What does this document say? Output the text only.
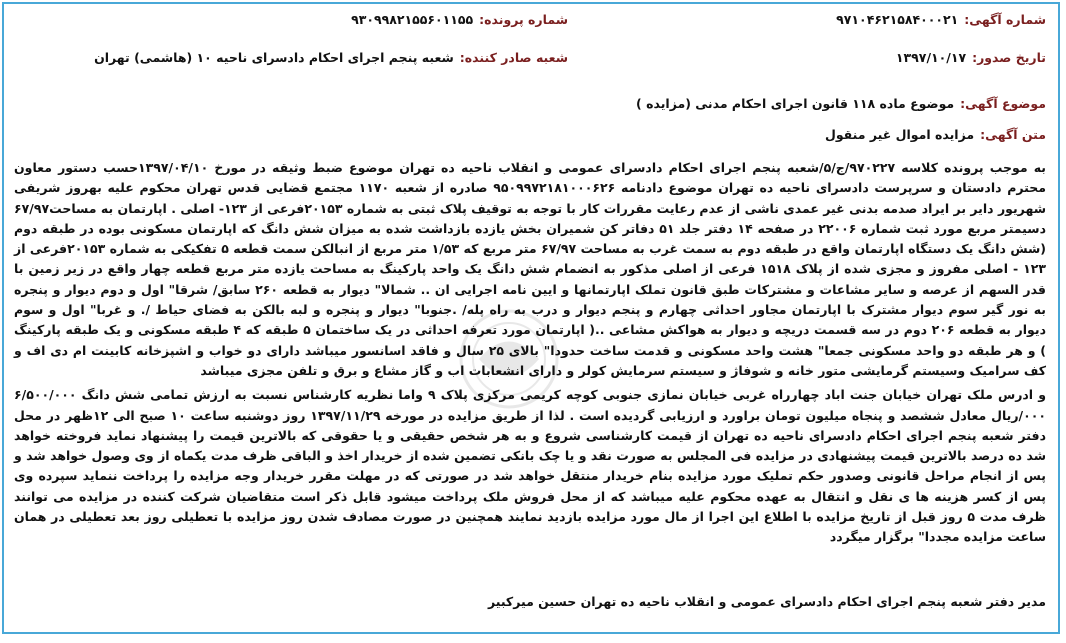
شماره آگهی:
۹۷۱۰۴۶۲۱۵۸۴۰۰۰۲۱
شماره پرونده:
۹۳۰۹۹۸۲۱۵۵۶۰۱۱۵۵
تاریخ صدور:
۱۳۹۷/۱۰/۱۷
شعبه صادر کننده:
شعبه پنجم اجرای احکام دادسرای ناحیه ۱۰ (هاشمی) تهران
موضوع آگهی:
موضوع ماده ۱۱۸ قانون اجرای احکام مدنی (مزایده )
متن آگهی:
مزایده اموال غیر منقول

به موجب پرونده کلاسه ۹۷۰۲۲۷/ج/۵/شعبه پنجم اجرای احکام دادسرای عمومی و انقلاب ناحیه ده تهران موضوع ضبط وثیقه در مورخ ۱۳۹۷/۰۴/۱۰حسب دستور معاون محترم دادستان و سرپرست دادسرای ناحیه ده تهران موضوع دادنامه ۹۵۰۹۹۷۲۱۸۱۰۰۰۶۲۶ صادره از شعبه ۱۱۷۰ مجتمع قضایی قدس تهران محکوم علیه بهروز شریفی شهریور دایر بر ایراد صدمه بدنی غیر عمدی ناشی از عدم رعایت مقررات کار با توجه به توقیف پلاک ثبتی به شماره ۲۰۱۵۳فرعی از ۱۲۳- اصلی . اپارتمان به مساحت۶۷/۹۷ دسیمتر مربع مورد ثبت شماره ۲۲۰۰۶ در صفحه ۱۴ دفتر جلد ۵۱ دفاتر کن شمیران بخش یازده بازداشت شده به میزان شش دانگ که اپارتمان مسکونی بوده در طبقه دوم (شش دانگ یک دستگاه اپارتمان واقع در طبقه دوم به سمت غرب به مساحت ۶۷/۹۷ متر مربع که ۱/۵۳ متر مربع از انبالکن سمت قطعه ۵ تفکیکی به شماره ۲۰۱۵۳فرعی از ۱۲۳ - اصلی مفروز و مجزی شده از پلاک ۱۵۱۸ فرعی از اصلی مذکور به انضمام شش دانگ یک واحد پارکینگ به مساحت یازده متر مربع قطعه چهار واقع در زیر زمین با قدر السهم از عرصه و سایر مشاعات و مشترکات طبق قانون تملک اپارتمانها و ایین نامه اجرایی ان .. شمالا" دیوار به قطعه ۲۶۰ سابق/ شرقا" اول و دوم دیوار و پنجره به نور گیر سوم دیوار مشترک با اپارتمان مجاور احداثی چهارم و پنجم دیوار و درب به راه پله/ .جنوبا" دیوار و پنجره و لبه بالکن به فضای حیاط /. و غربا" اول و سوم دیوار به قطعه ۲۰۶ دوم در سه قسمت دریچه و دیوار به هواکش مشاعی ..( اپارتمان مورد تعرفه احداثی در یک ساختمان ۵ طبقه که ۴ طبقه مسکونی و یک طبقه پارکینگ ) و هر طبقه دو واحد مسکونی جمعا" هشت واحد مسکونی و قدمت ساخت حدودا" بالای ۲۵ سال و فاقد اسانسور میباشد دارای دو خواب و اشپزخانه کابینت ام دی اف و کف سرامیک وسیستم گرمایشی متور خانه و شوفاژ و سیستم سرمایش کولر و دارای انشعابات اب و گاز مشاع و برق و تلفن مجزی میباشد

و ادرس ملک تهران خیابان جنت اباد چهارراه غربی خیابان نمازی جنوبی کوچه کریمی مرکزی پلاک ۹ واما نظریه کارشناس نسبت به ارزش تمامی شش دانگ ۶/۵۰۰/۰۰۰ ۰۰۰/ریال معادل ششصد و پنجاه میلیون تومان براورد و ارزیابی گردیده است . لذا از طریق مزایده در مورخه ۱۳۹۷/۱۱/۲۹ روز دوشنبه ساعت ۱۰ صبح الی ۱۲ظهر در محل دفتر شعبه پنجم اجرای احکام دادسرای ناحیه ده تهران از قیمت کارشناسی شروع و به هر شخص حقیقی و یا حقوقی که بالاترین قیمت را پیشنهاد نماید فروخته خواهد شد ده درصد بالاترین قیمت پیشنهادی در مزایده فی المجلس به صورت نقد و یا چک بانکی تضمین شده از خریدار اخذ و الباقی ظرف مدت یکماه از وی وصول خواهد شد و پس از انجام مراحل قانونی وصدور حکم تملیک مورد مزایده بنام خریدار منتقل خواهد شد در صورتی که در مهلت مقرر خریدار وجه مزایده را پرداخت ننماید سپرده وی پس از کسر هزینه ها ی نقل و انتقال به عهده محکوم علیه میباشد که از محل فروش ملک پرداخت میشود قابل ذکر است متقاضیان شرکت کننده در مزایده می توانند ظرف مدت ۵ روز قبل از تاریخ مزایده با اطلاع این اجرا از مال مورد مزایده بازدید نمایند همچنین در صورت مصادف شدن روز مزایده با تعطیلی روز بعد تعطیلی در همان ساعت مزایده مجددا" برگزار میگردد

مدیر دفتر شعبه پنجم اجرای احکام دادسرای عمومی و انقلاب ناحیه ده تهران حسین میرکبیر
